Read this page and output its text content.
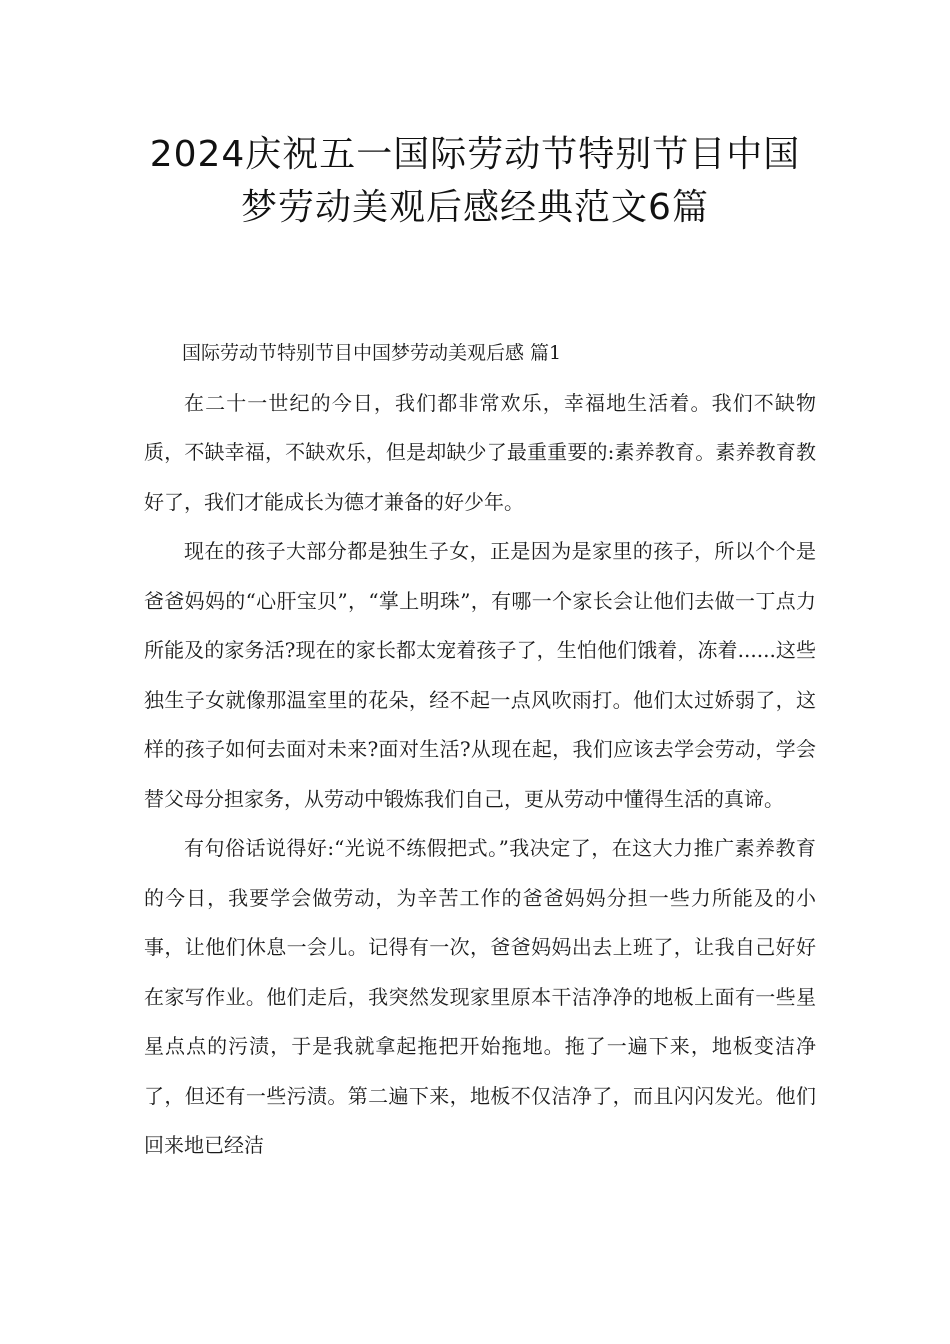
2024庆祝五一国际劳动节特别节目中国
梦劳动美观后感经典范文6篇

国际劳动节特别节目中国梦劳动美观后感 篇1

在二十一世纪的今日，我们都非常欢乐，幸福地生活着。我们不缺物质，不缺幸福，不缺欢乐，但是却缺少了最重重要的:素养教育。素养教育教好了，我们才能成长为德才兼备的好少年。

现在的孩子大部分都是独生子女，正是因为是家里的孩子，所以个个是爸爸妈妈的“心肝宝贝”，“掌上明珠”，有哪一个家长会让他们去做一丁点力所能及的家务活?现在的家长都太宠着孩子了，生怕他们饿着，冻着......这些独生子女就像那温室里的花朵，经不起一点风吹雨打。他们太过娇弱了，这样的孩子如何去面对未来?面对生活?从现在起，我们应该去学会劳动，学会替父母分担家务，从劳动中锻炼我们自己，更从劳动中懂得生活的真谛。

有句俗话说得好:“光说不练假把式。”我决定了，在这大力推广素养教育的今日，我要学会做劳动，为辛苦工作的爸爸妈妈分担一些力所能及的小事，让他们休息一会儿。记得有一次，爸爸妈妈出去上班了，让我自己好好在家写作业。他们走后，我突然发现家里原本干洁净净的地板上面有一些星星点点的污渍，于是我就拿起拖把开始拖地。拖了一遍下来，地板变洁净了，但还有一些污渍。第二遍下来，地板不仅洁净了，而且闪闪发光。他们回来地已经洁
